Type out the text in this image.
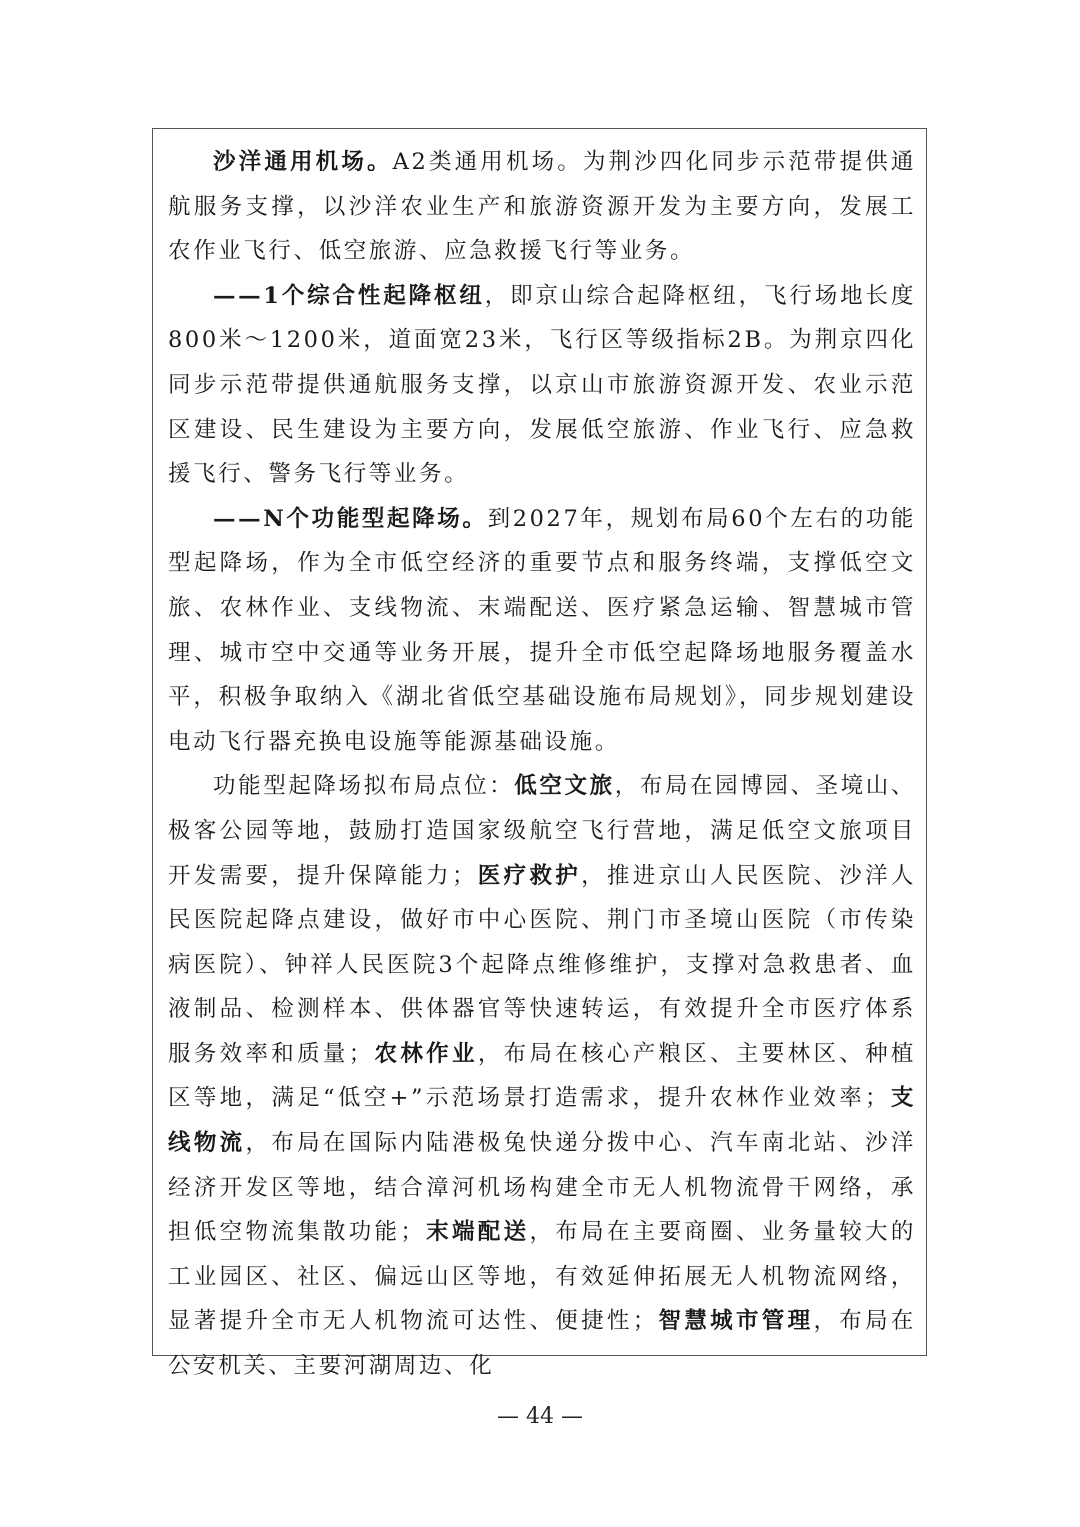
沙洋通用机场。A2类通用机场。为荆沙四化同步示范带提供通航服务支撑，以沙洋农业生产和旅游资源开发为主要方向，发展工农作业飞行、低空旅游、应急救援飞行等业务。

——1个综合性起降枢纽，即京山综合起降枢纽，飞行场地长度800米～1200米，道面宽23米，飞行区等级指标2B。为荆京四化同步示范带提供通航服务支撑，以京山市旅游资源开发、农业示范区建设、民生建设为主要方向，发展低空旅游、作业飞行、应急救援飞行、警务飞行等业务。

——N个功能型起降场。到2027年，规划布局60个左右的功能型起降场，作为全市低空经济的重要节点和服务终端，支撑低空文旅、农林作业、支线物流、末端配送、医疗紧急运输、智慧城市管理、城市空中交通等业务开展，提升全市低空起降场地服务覆盖水平，积极争取纳入《湖北省低空基础设施布局规划》，同步规划建设电动飞行器充换电设施等能源基础设施。

功能型起降场拟布局点位：低空文旅，布局在园博园、圣境山、极客公园等地，鼓励打造国家级航空飞行营地，满足低空文旅项目开发需要，提升保障能力；医疗救护，推进京山人民医院、沙洋人民医院起降点建设，做好市中心医院、荆门市圣境山医院（市传染病医院）、钟祥人民医院3个起降点维修维护，支撑对急救患者、血液制品、检测样本、供体器官等快速转运，有效提升全市医疗体系服务效率和质量；农林作业，布局在核心产粮区、主要林区、种植区等地，满足“低空+”示范场景打造需求，提升农林作业效率；支线物流，布局在国际内陆港极兔快递分拨中心、汽车南北站、沙洋经济开发区等地，结合漳河机场构建全市无人机物流骨干网络，承担低空物流集散功能；末端配送，布局在主要商圈、业务量较大的工业园区、社区、偏远山区等地，有效延伸拓展无人机物流网络，显著提升全市无人机物流可达性、便捷性；智慧城市管理，布局在公安机关、主要河湖周边、化

— 44 —
